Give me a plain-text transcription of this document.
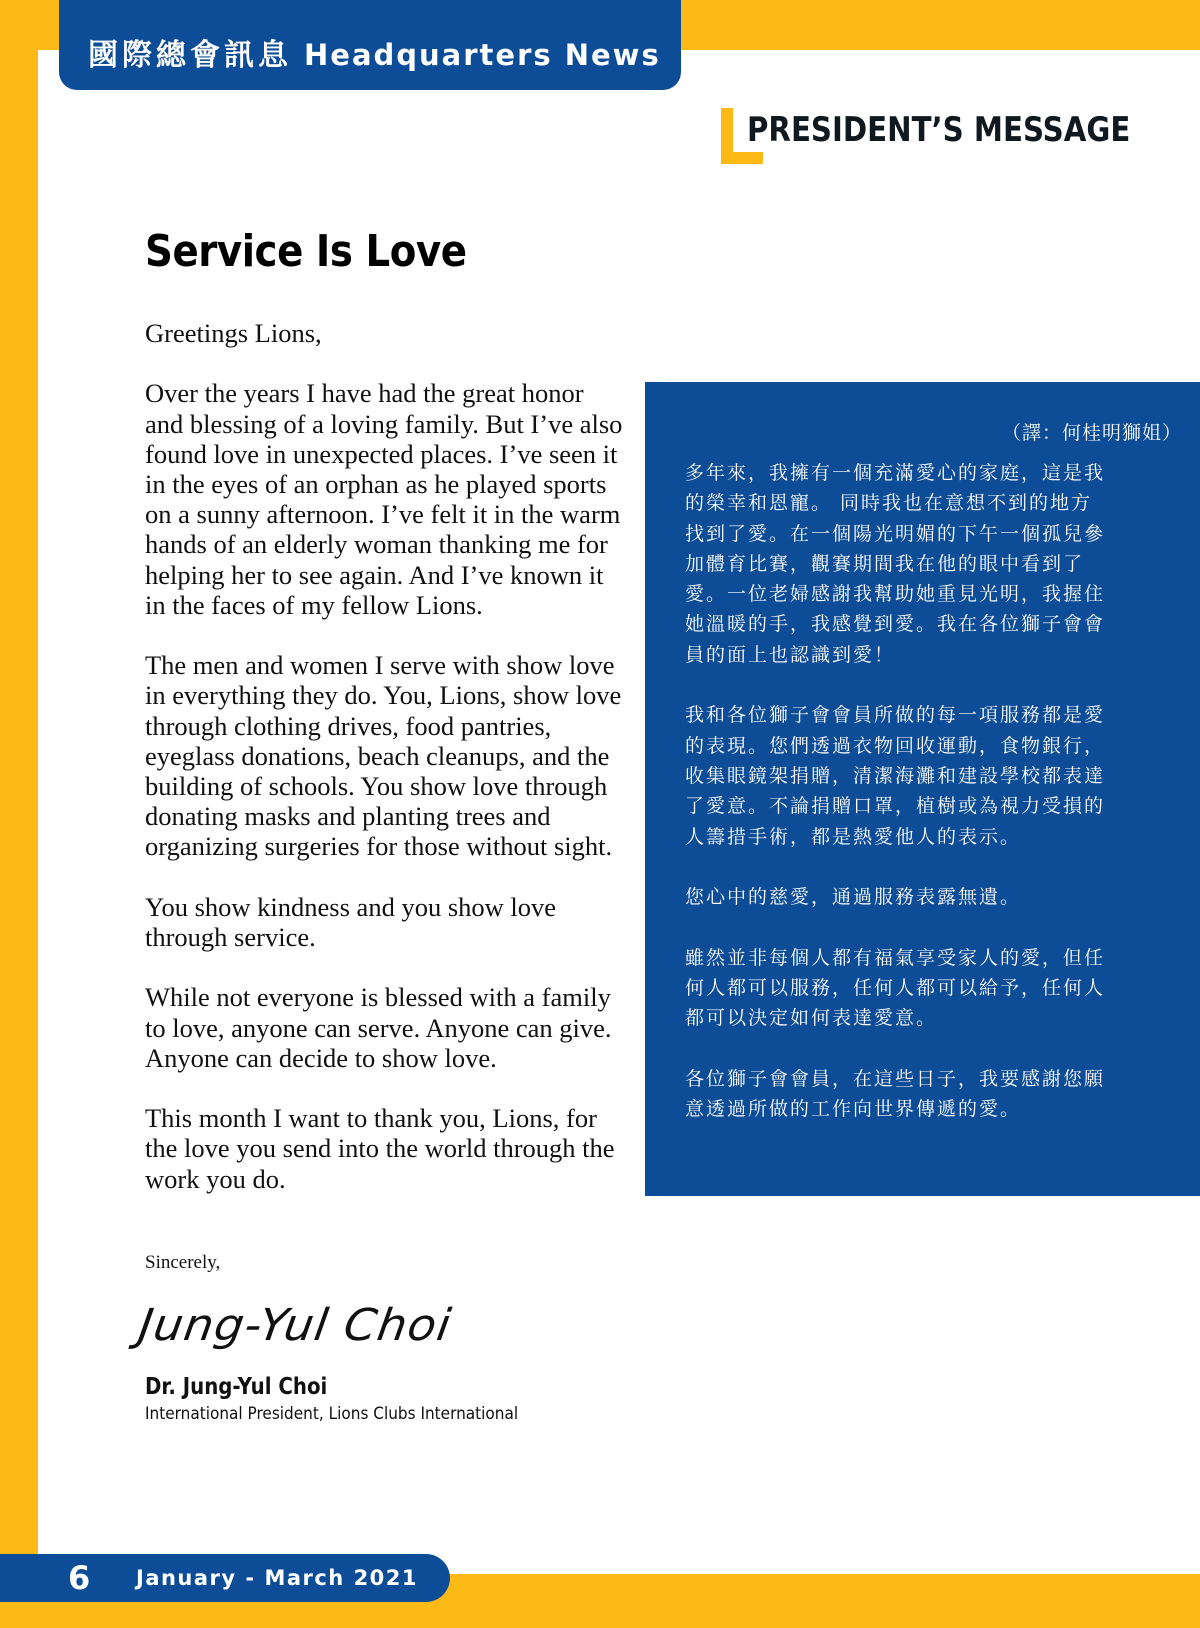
國際總會訊息 Headquarters News
PRESIDENT’S MESSAGE
Service Is Love

Greetings Lions,

Over the years I have had the great honor and blessing of a loving family. But I’ve also found love in unexpected places. I’ve seen it in the eyes of an orphan as he played sports on a sunny afternoon. I’ve felt it in the warm hands of an elderly woman thanking me for helping her to see again. And I’ve known it in the faces of my fellow Lions.

The men and women I serve with show love in everything they do. You, Lions, show love through clothing drives, food pantries, eyeglass donations, beach cleanups, and the building of schools. You show love through donating masks and planting trees and organizing surgeries for those without sight.

You show kindness and you show love through service.

While not everyone is blessed with a family to love, anyone can serve. Anyone can give. Anyone can decide to show love.

This month I want to thank you, Lions, for the love you send into the world through the work you do.

（譯：何桂明獅姐）

多年來，我擁有一個充滿愛心的家庭，這是我的榮幸和恩寵。 同時我也在意想不到的地方找到了愛。在一個陽光明媚的下午一個孤兒參加體育比賽，觀賽期間我在他的眼中看到了愛。一位老婦感謝我幫助她重見光明，我握住她溫暖的手，我感覺到愛。我在各位獅子會會員的面上也認識到愛！

我和各位獅子會會員所做的每一項服務都是愛的表現。您們透過衣物回收運動，食物銀行，收集眼鏡架捐贈，清潔海灘和建設學校都表達了愛意。不論捐贈口罩，植樹或為視力受損的人籌措手術，都是熱愛他人的表示。

您心中的慈愛，通過服務表露無遺。

雖然並非每個人都有福氣享受家人的愛，但任何人都可以服務，任何人都可以給予，任何人都可以決定如何表達愛意。

各位獅子會會員，在這些日子，我要感謝您願意透過所做的工作向世界傳遞的愛。

Sincerely,
Jung-Yul Choi
Dr. Jung-Yul Choi
International President, Lions Clubs International
6 January - March 2021
